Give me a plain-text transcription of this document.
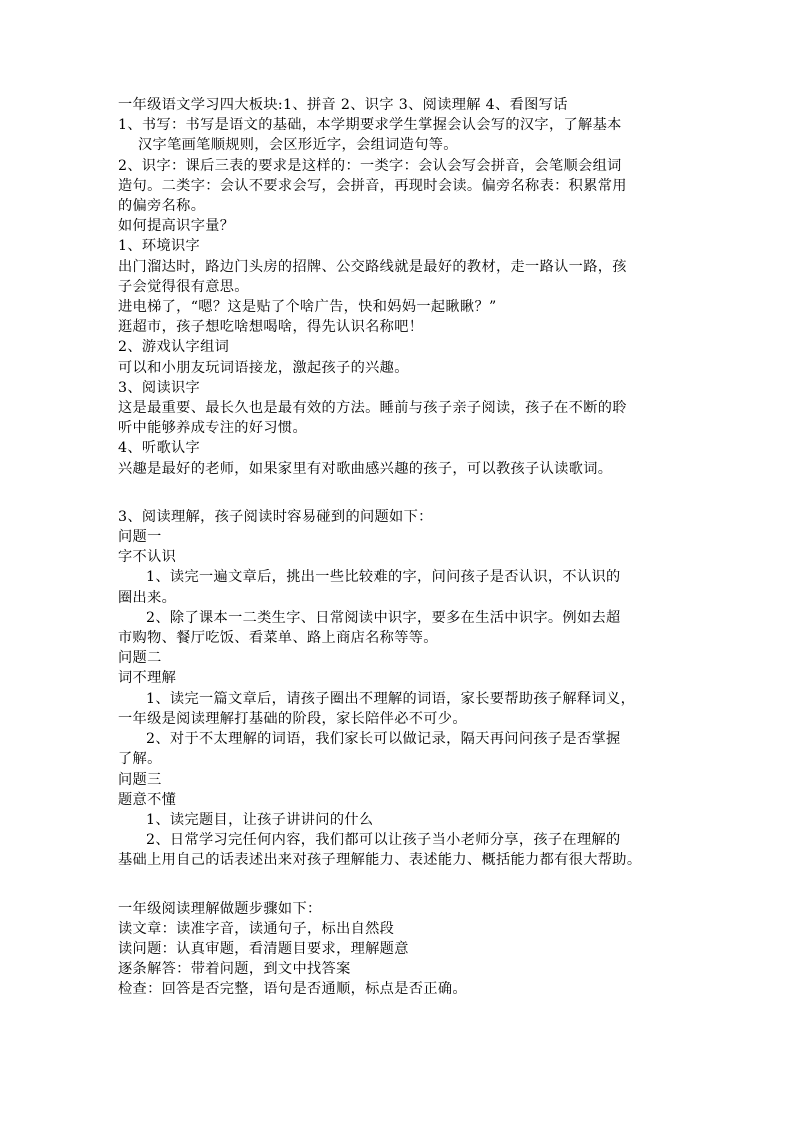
一年级语文学习四大板块:1、拼音 2、识字 3、阅读理解 4、看图写话
1、书写：书写是语文的基础，本学期要求学生掌握会认会写的汉字，了解基本
汉字笔画笔顺规则，会区形近字，会组词造句等。
2、识字：课后三表的要求是这样的：一类字：会认会写会拼音，会笔顺会组词
造句。二类字：会认不要求会写，会拼音，再现时会读。偏旁名称表：积累常用
的偏旁名称。
如何提高识字量？
1、环境识字
出门溜达时，路边门头房的招牌、公交路线就是最好的教材，走一路认一路，孩
子会觉得很有意思。
进电梯了，“嗯？这是贴了个啥广告，快和妈妈一起瞅瞅？”
逛超市，孩子想吃啥想喝啥，得先认识名称吧！
2、游戏认字组词
可以和小朋友玩词语接龙，激起孩子的兴趣。
3、阅读识字
这是最重要、最长久也是最有效的方法。睡前与孩子亲子阅读，孩子在不断的聆
听中能够养成专注的好习惯。
4、听歌认字
兴趣是最好的老师，如果家里有对歌曲感兴趣的孩子，可以教孩子认读歌词。
3、阅读理解，孩子阅读时容易碰到的问题如下：
问题一
字不认识
1、读完一遍文章后，挑出一些比较难的字，问问孩子是否认识，不认识的
圈出来。
2、除了课本一二类生字、日常阅读中识字，要多在生活中识字。例如去超
市购物、餐厅吃饭、看菜单、路上商店名称等等。
问题二
词不理解
1、读完一篇文章后，请孩子圈出不理解的词语，家长要帮助孩子解释词义，
一年级是阅读理解打基础的阶段，家长陪伴必不可少。
2、对于不太理解的词语，我们家长可以做记录，隔天再问问孩子是否掌握
了解。
问题三
题意不懂
1、读完题目，让孩子讲讲问的什么
2、日常学习完任何内容，我们都可以让孩子当小老师分享，孩子在理解的
基础上用自己的话表述出来对孩子理解能力、表述能力、概括能力都有很大帮助。
一年级阅读理解做题步骤如下：
读文章：读准字音，读通句子，标出自然段
读问题：认真审题，看清题目要求，理解题意
逐条解答：带着问题，到文中找答案
检查：回答是否完整，语句是否通顺，标点是否正确。
